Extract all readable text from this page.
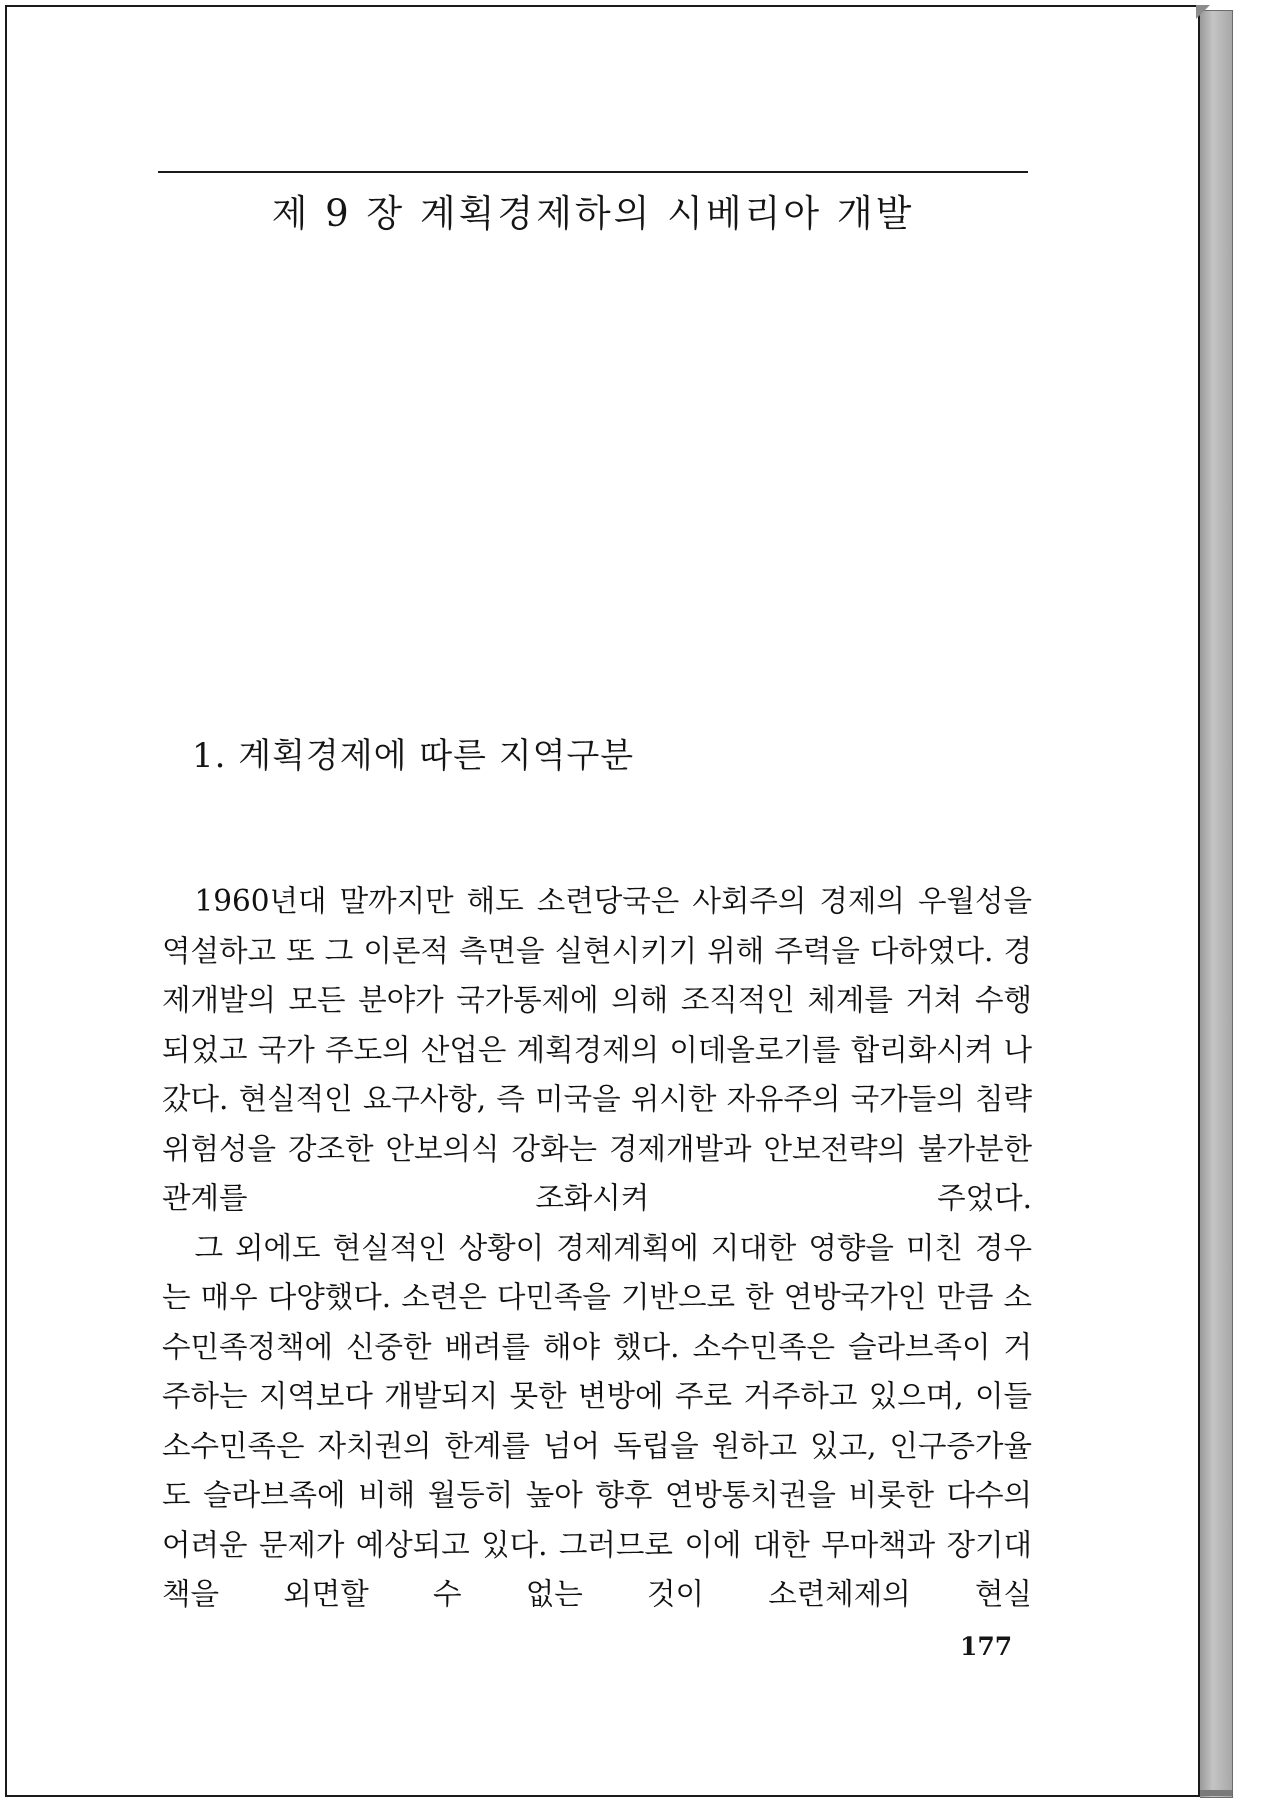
제 9 장 계획경제하의 시베리아 개발
1. 계획경제에 따른 지역구분

1960년대 말까지만 해도 소련당국은 사회주의 경제의 우월성을 역설하고 또 그 이론적 측면을 실현시키기 위해 주력을 다하였다. 경제개발의 모든 분야가 국가통제에 의해 조직적인 체계를 거쳐 수행되었고 국가 주도의 산업은 계획경제의 이데올로기를 합리화시켜 나갔다. 현실적인 요구사항, 즉 미국을 위시한 자유주의 국가들의 침략 위험성을 강조한 안보의식 강화는 경제개발과 안보전략의 불가분한 관계를 조화시켜 주었다.

그 외에도 현실적인 상황이 경제계획에 지대한 영향을 미친 경우는 매우 다양했다. 소련은 다민족을 기반으로 한 연방국가인 만큼 소수민족정책에 신중한 배려를 해야 했다. 소수민족은 슬라브족이 거주하는 지역보다 개발되지 못한 변방에 주로 거주하고 있으며, 이들 소수민족은 자치권의 한계를 넘어 독립을 원하고 있고, 인구증가율도 슬라브족에 비해 월등히 높아 향후 연방통치권을 비롯한 다수의 어려운 문제가 예상되고 있다. 그러므로 이에 대한 무마책과 장기대책을 외면할 수 없는 것이 소련체제의 현실

177
